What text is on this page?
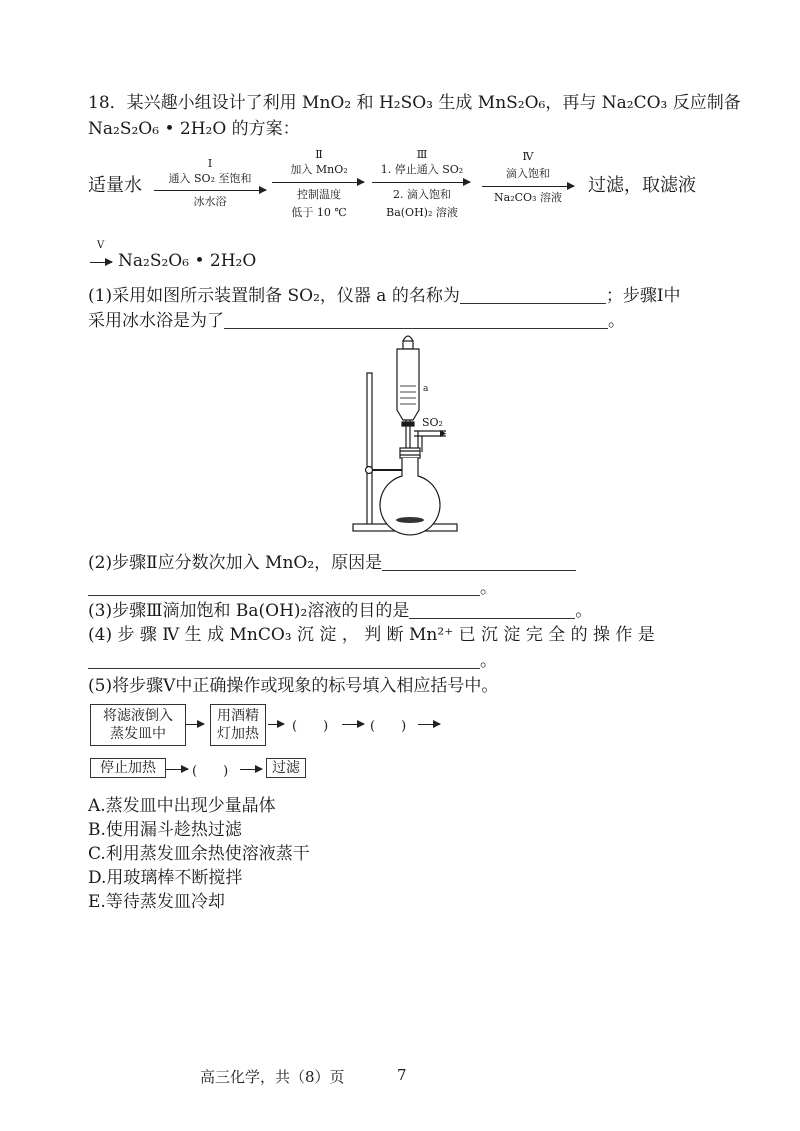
18．某兴趣小组设计了利用 MnO₂ 和 H₂SO₃ 生成 MnS₂O₆，再与 Na₂CO₃ 反应制备
Na₂S₂O₆ • 2H₂O 的方案：
适量水
Ⅰ
通入 SO₂ 至饱和
冰水浴
Ⅱ
加入 MnO₂
控制温度
低于 10 ℃
Ⅲ
1. 停止通入 SO₂
2. 滴入饱和
Ba(OH)₂ 溶液
Ⅳ
滴入饱和
Na₂CO₃ 溶液
过滤，取滤液
Ⅴ
Na₂S₂O₆ • 2H₂O
(1)采用如图所示装置制备 SO₂，仪器 a 的名称为	；步骤Ⅰ中
采用冰水浴是为了	。
a
SO₂
(2)步骤Ⅱ应分数次加入 MnO₂，原因是
。
(3)步骤Ⅲ滴加饱和 Ba(OH)₂溶液的目的是	。
(4) 步 骤 Ⅳ 生 成 MnCO₃ 沉 淀 ， 判 断 Mn²⁺ 已 沉 淀 完 全 的 操 作 是
。
(5)将步骤Ⅴ中正确操作或现象的标号填入相应括号中。
将滤液倒入
蒸发皿中
用酒精
灯加热	(　　)	(　　)
停止加热	(　　)	过滤
A.蒸发皿中出现少量晶体
B.使用漏斗趁热过滤
C.利用蒸发皿余热使溶液蒸干
D.用玻璃棒不断搅拌
E.等待蒸发皿冷却
高三化学，共（8）页	7
